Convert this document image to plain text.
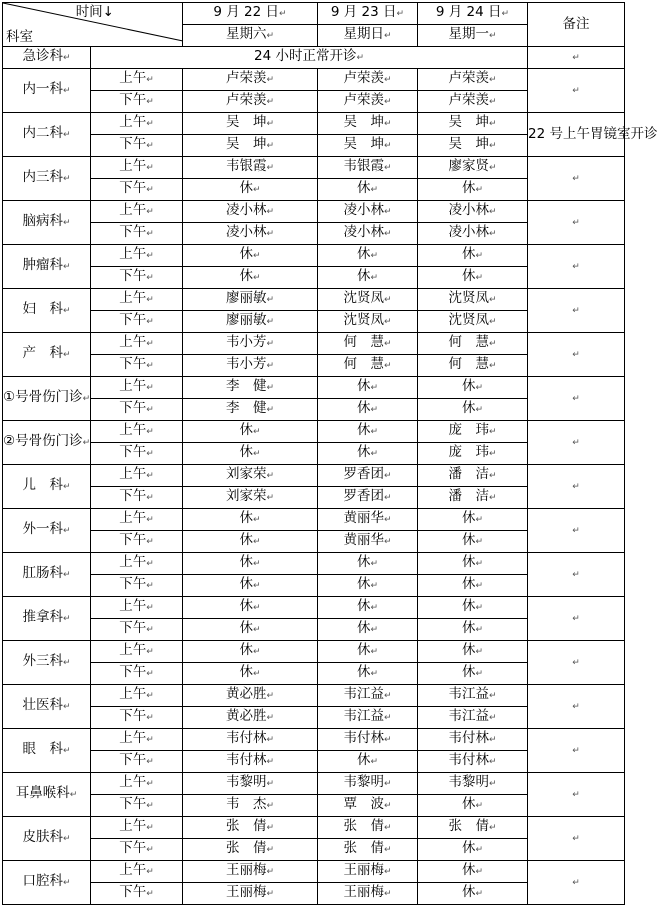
时间↓
科室		9 月 22 日↵	9 月 23 日↵	9 月 24 日↵	备注
		星期六↵	星期日↵	星期一↵	
急诊科↵	24 小时正常开诊↵				↵
内一科↵	上午↵	卢荣羡↵	卢荣羡↵	卢荣羡↵	↵
	下午↵	卢荣羡↵	卢荣羡↵	卢荣羡↵	
内二科↵	上午↵	吴　坤↵	吴　坤↵	吴　坤↵	22 号上午胃镜室开诊
	下午↵	吴　坤↵	吴　坤↵	吴　坤↵	
内三科↵	上午↵	韦银霞↵	韦银霞↵	廖家贤↵	↵
	下午↵	休↵	休↵	休↵	
脑病科↵	上午↵	凌小林↵	凌小林↵	凌小林↵	↵
	下午↵	凌小林↵	凌小林↵	凌小林↵	
肿瘤科↵	上午↵	休↵	休↵	休↵	↵
	下午↵	休↵	休↵	休↵	
妇　科↵	上午↵	廖丽敏↵	沈贤凤↵	沈贤凤↵	↵
	下午↵	廖丽敏↵	沈贤凤↵	沈贤凤↵	
产　科↵	上午↵	韦小芳↵	何　慧↵	何　慧↵	↵
	下午↵	韦小芳↵	何　慧↵	何　慧↵	
①号骨伤门诊↵	上午↵	李　健↵	休↵	休↵	↵
	下午↵	李　健↵	休↵	休↵	
②号骨伤门诊↵	上午↵	休↵	休↵	庞　玮↵	↵
	下午↵	休↵	休↵	庞　玮↵	
儿　科↵	上午↵	刘家荣↵	罗香团↵	潘　洁↵	↵
	下午↵	刘家荣↵	罗香团↵	潘　洁↵	
外一科↵	上午↵	休↵	黄丽华↵	休↵	↵
	下午↵	休↵	黄丽华↵	休↵	
肛肠科↵	上午↵	休↵	休↵	休↵	↵
	下午↵	休↵	休↵	休↵	
推拿科↵	上午↵	休↵	休↵	休↵	↵
	下午↵	休↵	休↵	休↵	
外三科↵	上午↵	休↵	休↵	休↵	↵
	下午↵	休↵	休↵	休↵	
壮医科↵	上午↵	黄必胜↵	韦江益↵	韦江益↵	↵
	下午↵	黄必胜↵	韦江益↵	韦江益↵	
眼　科↵	上午↵	韦付林↵	韦付林↵	韦付林↵	↵
	下午↵	韦付林↵	休↵	韦付林↵	
耳鼻喉科↵	上午↵	韦黎明↵	韦黎明↵	韦黎明↵	↵
	下午↵	韦　杰↵	覃　波↵	休↵	
皮肤科↵	上午↵	张　倩↵	张　倩↵	张　倩↵	↵
	下午↵	张　倩↵	张　倩↵	休↵	
口腔科↵	上午↵	王丽梅↵	王丽梅↵	休↵	↵
	下午↵	王丽梅↵	王丽梅↵	休↵	
